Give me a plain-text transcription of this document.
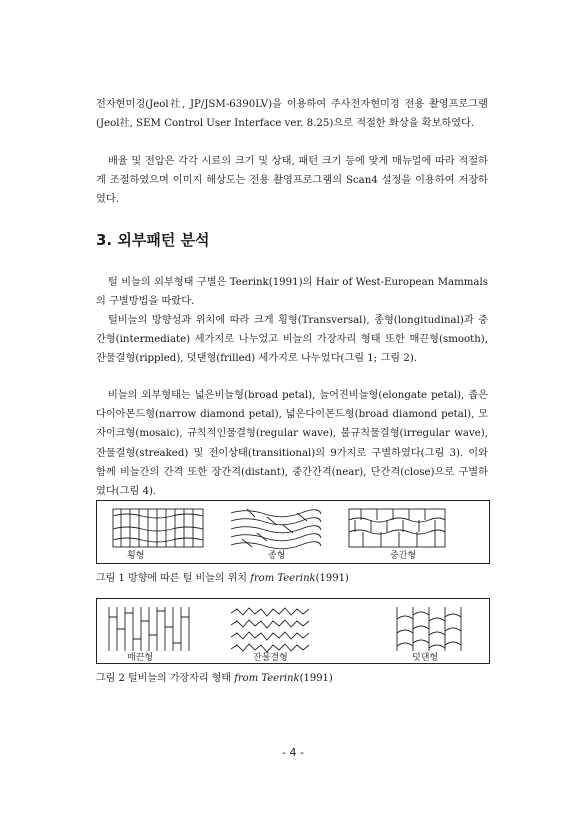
전자현미경(Jeol社, JP/JSM-6390LV)을 이용하여 주사전자현미경 전용 촬영프로그램(Jeol社, SEM Control User Interface ver. 8.25)으로 적절한 화상을 확보하였다.

배율 및 전압은 각각 시료의 크기 및 상태, 패턴 크기 등에 맞게 매뉴얼에 따라 적절하게 조절하였으며 이미지 해상도는 전용 촬영프로그램의 Scan4 설정을 이용하여 저장하였다.

3. 외부패턴 분석

털 비늘의 외부형태 구별은 Teerink(1991)의 Hair of West-European Mammals의 구별방법을 따랐다.

털비늘의 방향성과 위치에 따라 크게 횡형(Transversal), 종형(longitudinal)과 중간형(intermediate) 세가지로 나누었고 비늘의 가장자리 형태 또한 매끈형(smooth), 잔물결형(rippled), 덧댄형(frilled) 세가지로 나누었다(그림 1; 그림 2).

비늘의 외부형태는 넓은비늘형(broad petal), 늘어진비늘형(elongate petal), 좁은다이아몬드형(narrow diamond petal), 넓은다이몬드형(broad diamond petal), 모자이크형(mosaic), 규칙적인물결형(regular wave), 불규칙물결형(irregular wave), 잔물결형(streaked) 및 전이상태(transitional)의 9가지로 구별하였다(그림 3). 이와 함께 비늘간의 간격 또한 장간격(distant), 중간간격(near), 단간격(close)으로 구별하였다(그림 4).

횡형	종형	중간형

그림 1 방향에 따른 털 비늘의 위치 from Teerink(1991)

매끈형	잔물결형	덧댄형

그림 2 털비늘의 가장자리 형태 from Teerink(1991)

- 4 -
